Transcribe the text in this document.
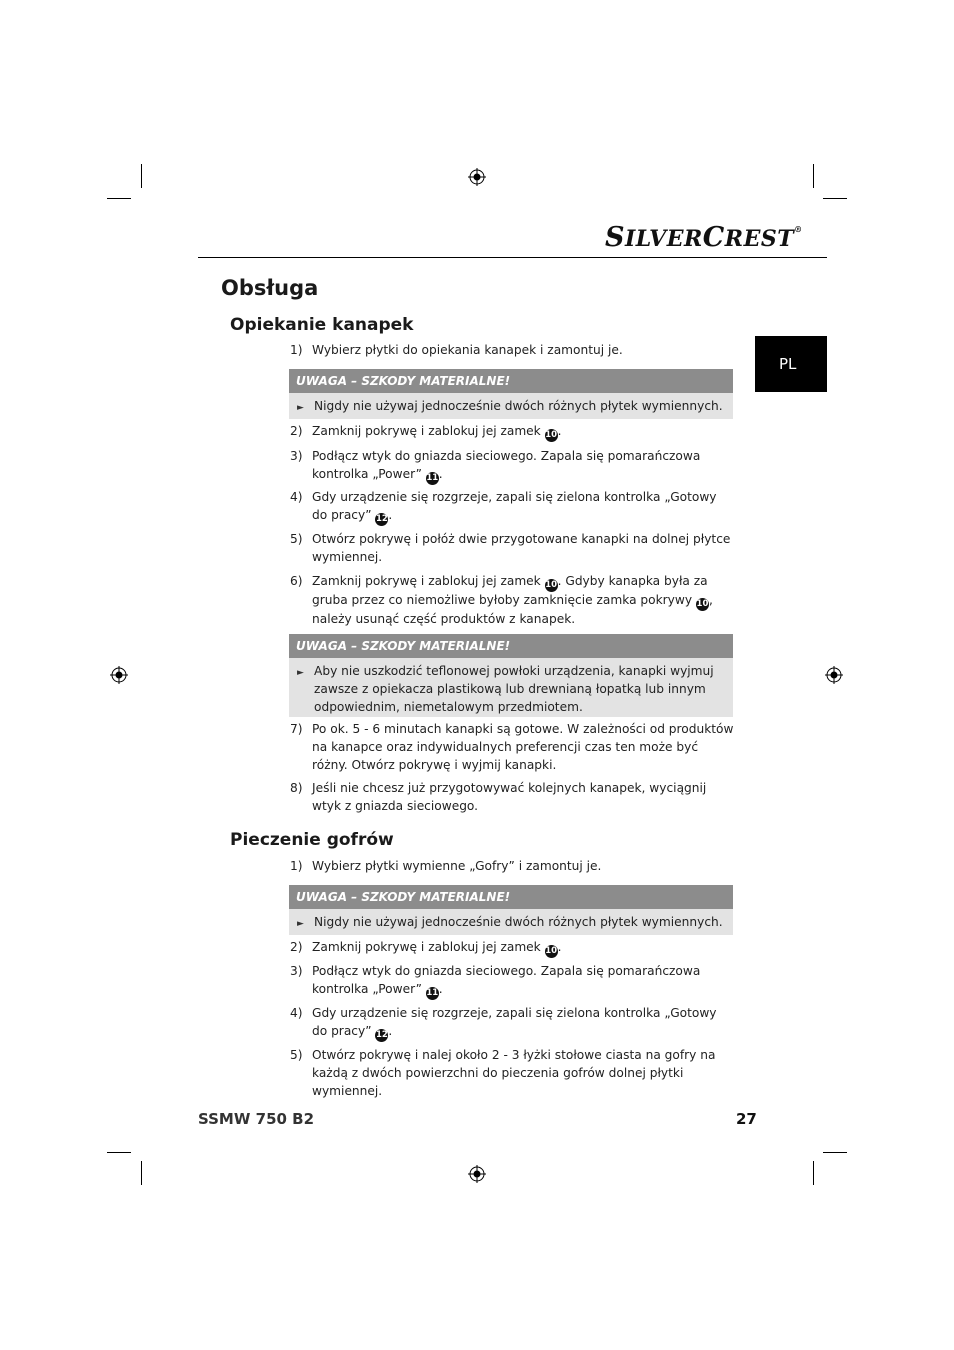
SILVERCREST®
PL
Obsługa
Opiekanie kanapek
1) Wybierz płytki do opiekania kanapek i zamontuj je.
UWAGA – SZKODY MATERIALNE!
► Nigdy nie używaj jednocześnie dwóch różnych płytek wymiennych.
2) Zamknij pokrywę i zablokuj jej zamek 10.
3) Podłącz wtyk do gniazda sieciowego. Zapala się pomarańczowa kontrolka „Power” 11.
4) Gdy urządzenie się rozgrzeje, zapali się zielona kontrolka „Gotowy do pracy” 12.
5) Otwórz pokrywę i połóż dwie przygotowane kanapki na dolnej płytce wymiennej.
6) Zamknij pokrywę i zablokuj jej zamek 10. Gdyby kanapka była za gruba przez co niemożliwe byłoby zamknięcie zamka pokrywy 10, należy usunąć część produktów z kanapek.
UWAGA – SZKODY MATERIALNE!
► Aby nie uszkodzić teflonowej powłoki urządzenia, kanapki wyjmuj zawsze z opiekacza plastikową lub drewnianą łopatką lub innym odpowiednim, niemetalowym przedmiotem.
7) Po ok. 5 - 6 minutach kanapki są gotowe. W zależności od produktów na kanapce oraz indywidualnych preferencji czas ten może być różny. Otwórz pokrywę i wyjmij kanapki.
8) Jeśli nie chcesz już przygotowywać kolejnych kanapek, wyciągnij wtyk z gniazda sieciowego.
Pieczenie gofrów
1) Wybierz płytki wymienne „Gofry” i zamontuj je.
UWAGA – SZKODY MATERIALNE!
► Nigdy nie używaj jednocześnie dwóch różnych płytek wymiennych.
2) Zamknij pokrywę i zablokuj jej zamek 10.
3) Podłącz wtyk do gniazda sieciowego. Zapala się pomarańczowa kontrolka „Power” 11.
4) Gdy urządzenie się rozgrzeje, zapali się zielona kontrolka „Gotowy do pracy” 12.
5) Otwórz pokrywę i nalej około 2 - 3 łyżki stołowe ciasta na gofry na każdą z dwóch powierzchni do pieczenia gofrów dolnej płytki wymiennej.
SSMW 750 B2	27
